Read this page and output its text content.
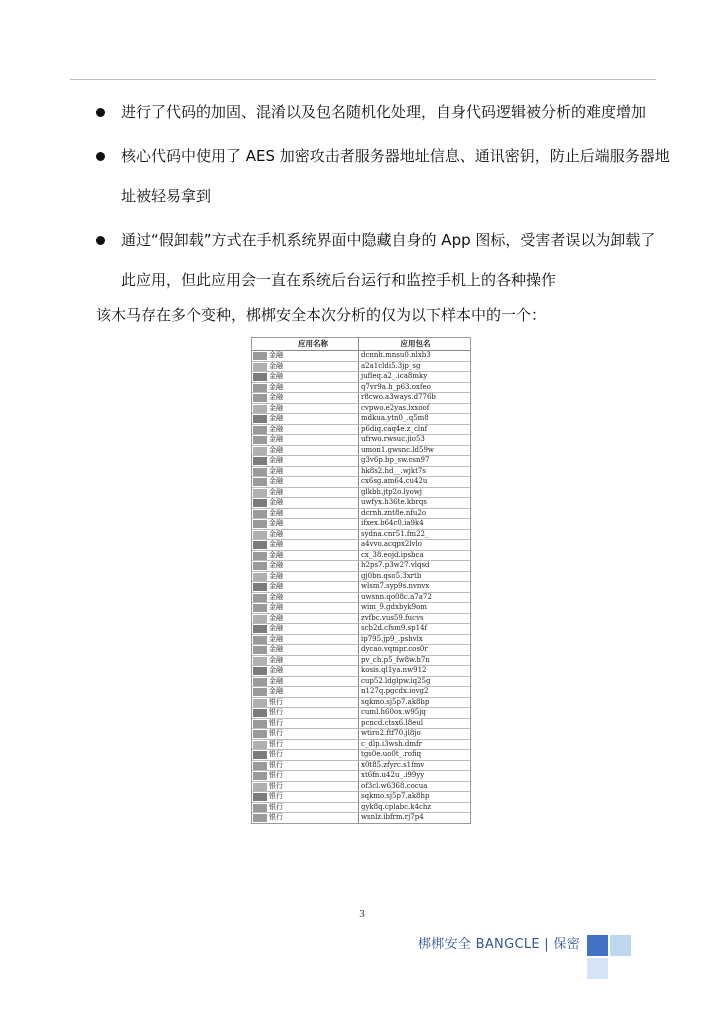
进行了代码的加固、混淆以及包名随机化处理，自身代码逻辑被分析的难度增加
核心代码中使用了 AES 加密攻击者服务器地址信息、通讯密钥，防止后端服务器地
址被轻易拿到
通过“假卸载”方式在手机系统界面中隐藏自身的 App 图标，受害者误以为卸载了
此应用，但此应用会一直在系统后台运行和监控手机上的各种操作
该木马存在多个变种，梆梆安全本次分析的仅为以下样本中的一个：
应用名称	应用包名

金融	dcnnh.mnsu0.nlxb3

金融	a2a1cldi5.3jp_sg

金融	jufleq.a2_.ica8mky

金融	q7vr9a.h_p63.oxfeo

金融	r8cwo.a3ways.d776b

金融	cvpwo.e2yas.lxxoof

金融	mdkua.ytn0_.q5m8

金融	p6diq.caq4e.z_clnf

金融	ufrwo.rwsuc.jio53

金融	umon1.gwsnc.ld59w

金融	g3v6p.bp_sw.csn97

金融	hk8s2.hd__.wjkt7s

金融	cx6sg.am64.cu42u

金融	glkbh.jtp2o.lyowj

金融	uwfyx.h36te.kbrqs

金融	dcrnh.znt8e.nfu2o

金融	ifxex.b64c0.ia9k4

金融	sydna.cnr51.fm22_

金融	a4vvo.acqpx2lvlo

金融	cx_38.eojd.ipsbca

金融	h2ps7.p3w27.vlqsd

金融	gj0bn.qso5.3xrtb

金融	wlsm7.syp9s.nvnvx

金融	uwsnn.qo08c.a7a72

金融	wim_9.gdxbyk9om

金融	zvfbc.vus59.fucvs

金融	scb2d.cfsm9.sp14f

金融	ip795.jp9_.pshvlx

金融	dycao.vqmpr.cos0r

金融	pv_ch.p5_fw8w.h7n

金融	kosis.ql1ya.nw912

金融	cup52.ldglpw.iq25g

金融	n127q.pgcdx.iovg2

银行	sqkmo.sj5p7.ak8hp

银行	cuml.h60ox.w95jq

银行	pcncd.ctsx6.l8eul

银行	wtiro2.ftf70.jl8jo

银行	c_dlp.i3wsh.dmfr

银行	tgs0e.uo0t_.rofiq

银行	x0t85.zfyrc.s1fmv

银行	xt6fn.u42u_.i99yy

银行	of3cl.w6368.cocua

银行	sqkmo.sj5p7.ak8hp

银行	gyk8q.cplabc.k4chz

银行	wsnlz.ibfrm.rj7p4
3
梆梆安全 BANGCLE | 保密
